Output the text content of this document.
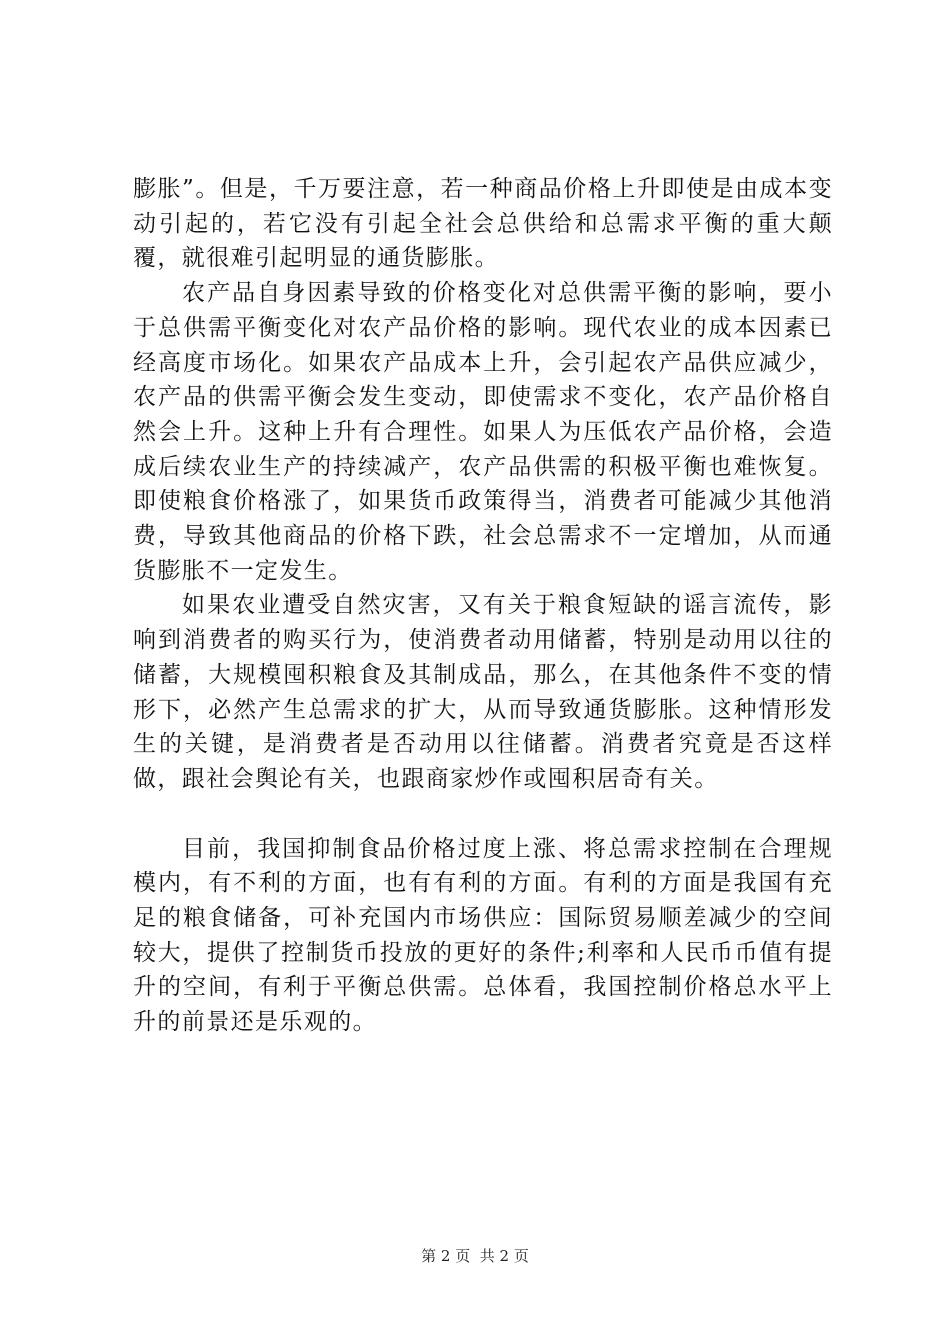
膨胀”。但是，千万要注意，若一种商品价格上升即使是由成本变动引起的，若它没有引起全社会总供给和总需求平衡的重大颠覆，就很难引起明显的通货膨胀。

农产品自身因素导致的价格变化对总供需平衡的影响，要小于总供需平衡变化对农产品价格的影响。现代农业的成本因素已经高度市场化。如果农产品成本上升，会引起农产品供应减少，农产品的供需平衡会发生变动，即使需求不变化，农产品价格自然会上升。这种上升有合理性。如果人为压低农产品价格，会造成后续农业生产的持续减产，农产品供需的积极平衡也难恢复。即使粮食价格涨了，如果货币政策得当，消费者可能减少其他消费，导致其他商品的价格下跌，社会总需求不一定增加，从而通货膨胀不一定发生。

如果农业遭受自然灾害，又有关于粮食短缺的谣言流传，影响到消费者的购买行为，使消费者动用储蓄，特别是动用以往的储蓄，大规模囤积粮食及其制成品，那么，在其他条件不变的情形下，必然产生总需求的扩大，从而导致通货膨胀。这种情形发生的关键，是消费者是否动用以往储蓄。消费者究竟是否这样做，跟社会舆论有关，也跟商家炒作或囤积居奇有关。

目前，我国抑制食品价格过度上涨、将总需求控制在合理规模内，有不利的方面，也有有利的方面。有利的方面是我国有充足的粮食储备，可补充国内市场供应：国际贸易顺差减少的空间较大，提供了控制货币投放的更好的条件;利率和人民币币值有提升的空间，有利于平衡总供需。总体看，我国控制价格总水平上升的前景还是乐观的。

第 2 页  共 2 页
